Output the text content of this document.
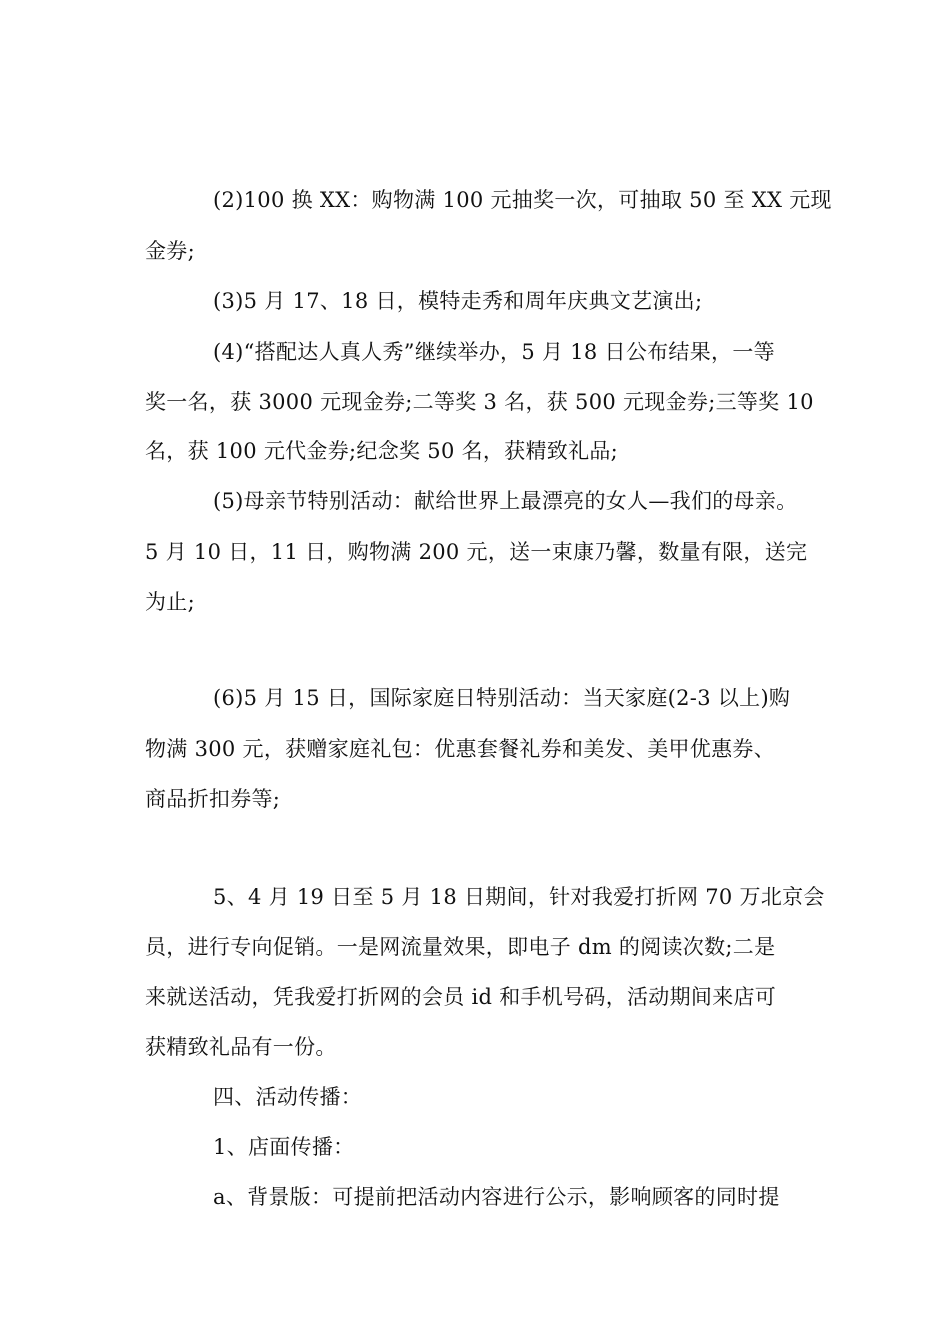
(2)100 换 XX：购物满 100 元抽奖一次，可抽取 50 至 XX 元现
金券;
(3)5 月 17、18 日，模特走秀和周年庆典文艺演出;
(4)“搭配达人真人秀”继续举办，5 月 18 日公布结果，一等
奖一名，获 3000 元现金券;二等奖 3 名，获 500 元现金券;三等奖 10
名，获 100 元代金券;纪念奖 50 名，获精致礼品;
(5)母亲节特别活动：献给世界上最漂亮的女人—我们的母亲。
5 月 10 日，11 日，购物满 200 元，送一束康乃馨，数量有限，送完
为止;
(6)5 月 15 日，国际家庭日特别活动：当天家庭(2-3 以上)购
物满 300 元，获赠家庭礼包：优惠套餐礼券和美发、美甲优惠券、
商品折扣券等;
5、4 月 19 日至 5 月 18 日期间，针对我爱打折网 70 万北京会
员，进行专向促销。一是网流量效果，即电子 dm 的阅读次数;二是
来就送活动，凭我爱打折网的会员 id 和手机号码，活动期间来店可
获精致礼品有一份。
四、活动传播：
1、店面传播：
a、背景版：可提前把活动内容进行公示，影响顾客的同时提
